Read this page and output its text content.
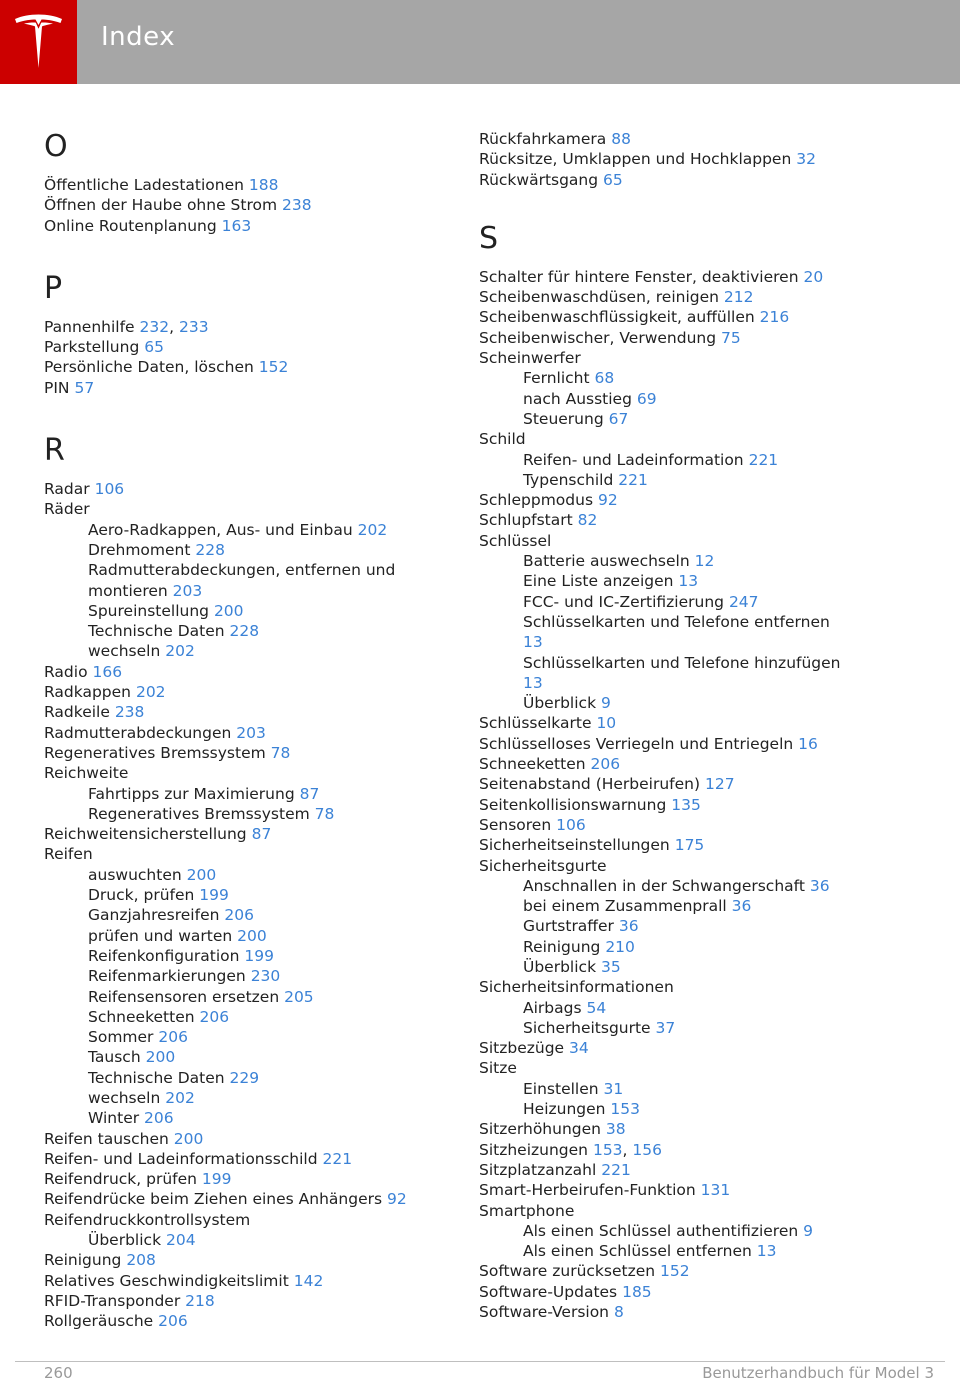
Index
O
Öffentliche Ladestationen 188
Öffnen der Haube ohne Strom 238
Online Routenplanung 163
P
Pannenhilfe 232, 233
Parkstellung 65
Persönliche Daten, löschen 152
PIN 57
R
Radar 106
Räder
Aero-Radkappen, Aus- und Einbau 202
Drehmoment 228
Radmutterabdeckungen, entfernen und
montieren 203
Spureinstellung 200
Technische Daten 228
wechseln 202
Radio 166
Radkappen 202
Radkeile 238
Radmutterabdeckungen 203
Regeneratives Bremssystem 78
Reichweite
Fahrtipps zur Maximierung 87
Regeneratives Bremssystem 78
Reichweitensicherstellung 87
Reifen
auswuchten 200
Druck, prüfen 199
Ganzjahresreifen 206
prüfen und warten 200
Reifenkonfiguration 199
Reifenmarkierungen 230
Reifensensoren ersetzen 205
Schneeketten 206
Sommer 206
Tausch 200
Technische Daten 229
wechseln 202
Winter 206
Reifen tauschen 200
Reifen- und Ladeinformationsschild 221
Reifendruck, prüfen 199
Reifendrücke beim Ziehen eines Anhängers 92
Reifendruckkontrollsystem
Überblick 204
Reinigung 208
Relatives Geschwindigkeitslimit 142
RFID-Transponder 218
Rollgeräusche 206
Rückfahrkamera 88
Rücksitze, Umklappen und Hochklappen 32
Rückwärtsgang 65
S
Schalter für hintere Fenster, deaktivieren 20
Scheibenwaschdüsen, reinigen 212
Scheibenwaschflüssigkeit, auffüllen 216
Scheibenwischer, Verwendung 75
Scheinwerfer
Fernlicht 68
nach Ausstieg 69
Steuerung 67
Schild
Reifen- und Ladeinformation 221
Typenschild 221
Schleppmodus 92
Schlupfstart 82
Schlüssel
Batterie auswechseln 12
Eine Liste anzeigen 13
FCC- und IC-Zertifizierung 247
Schlüsselkarten und Telefone entfernen
13
Schlüsselkarten und Telefone hinzufügen
13
Überblick 9
Schlüsselkarte 10
Schlüsselloses Verriegeln und Entriegeln 16
Schneeketten 206
Seitenabstand (Herbeirufen) 127
Seitenkollisionswarnung 135
Sensoren 106
Sicherheitseinstellungen 175
Sicherheitsgurte
Anschnallen in der Schwangerschaft 36
bei einem Zusammenprall 36
Gurtstraffer 36
Reinigung 210
Überblick 35
Sicherheitsinformationen
Airbags 54
Sicherheitsgurte 37
Sitzbezüge 34
Sitze
Einstellen 31
Heizungen 153
Sitzerhöhungen 38
Sitzheizungen 153, 156
Sitzplatzanzahl 221
Smart-Herbeirufen-Funktion 131
Smartphone
Als einen Schlüssel authentifizieren 9
Als einen Schlüssel entfernen 13
Software zurücksetzen 152
Software-Updates 185
Software-Version 8
260	Benutzerhandbuch für Model 3
